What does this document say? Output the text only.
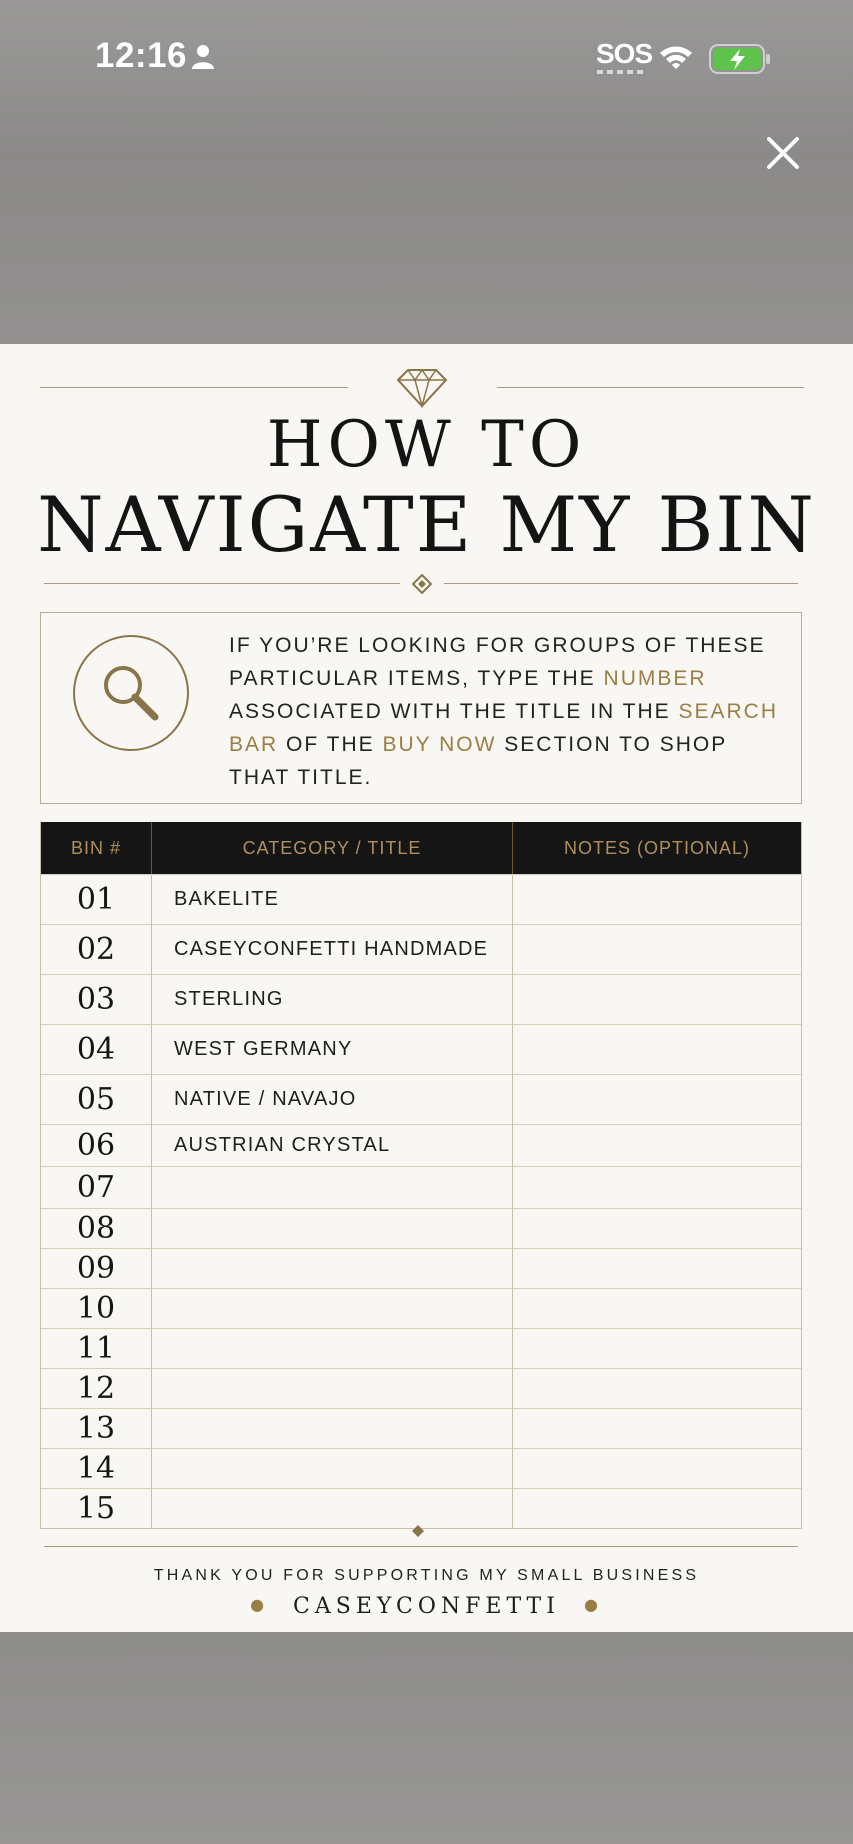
12:16	SOS
HOW TO
NAVIGATE MY BIN
IF YOU’RE LOOKING FOR GROUPS OF THESE PARTICULAR ITEMS, TYPE THE NUMBER ASSOCIATED WITH THE TITLE IN THE SEARCH BAR OF THE BUY NOW SECTION TO SHOP THAT TITLE.
BIN #	CATEGORY / TITLE	NOTES (OPTIONAL)
01	BAKELITE
02	CASEYCONFETTI HANDMADE
03	STERLING
04	WEST GERMANY
05	NATIVE / NAVAJO
06	AUSTRIAN CRYSTAL
07
08
09
10
11
12
13
14
15
THANK YOU FOR SUPPORTING MY SMALL BUSINESS
● CASEYCONFETTI ●
